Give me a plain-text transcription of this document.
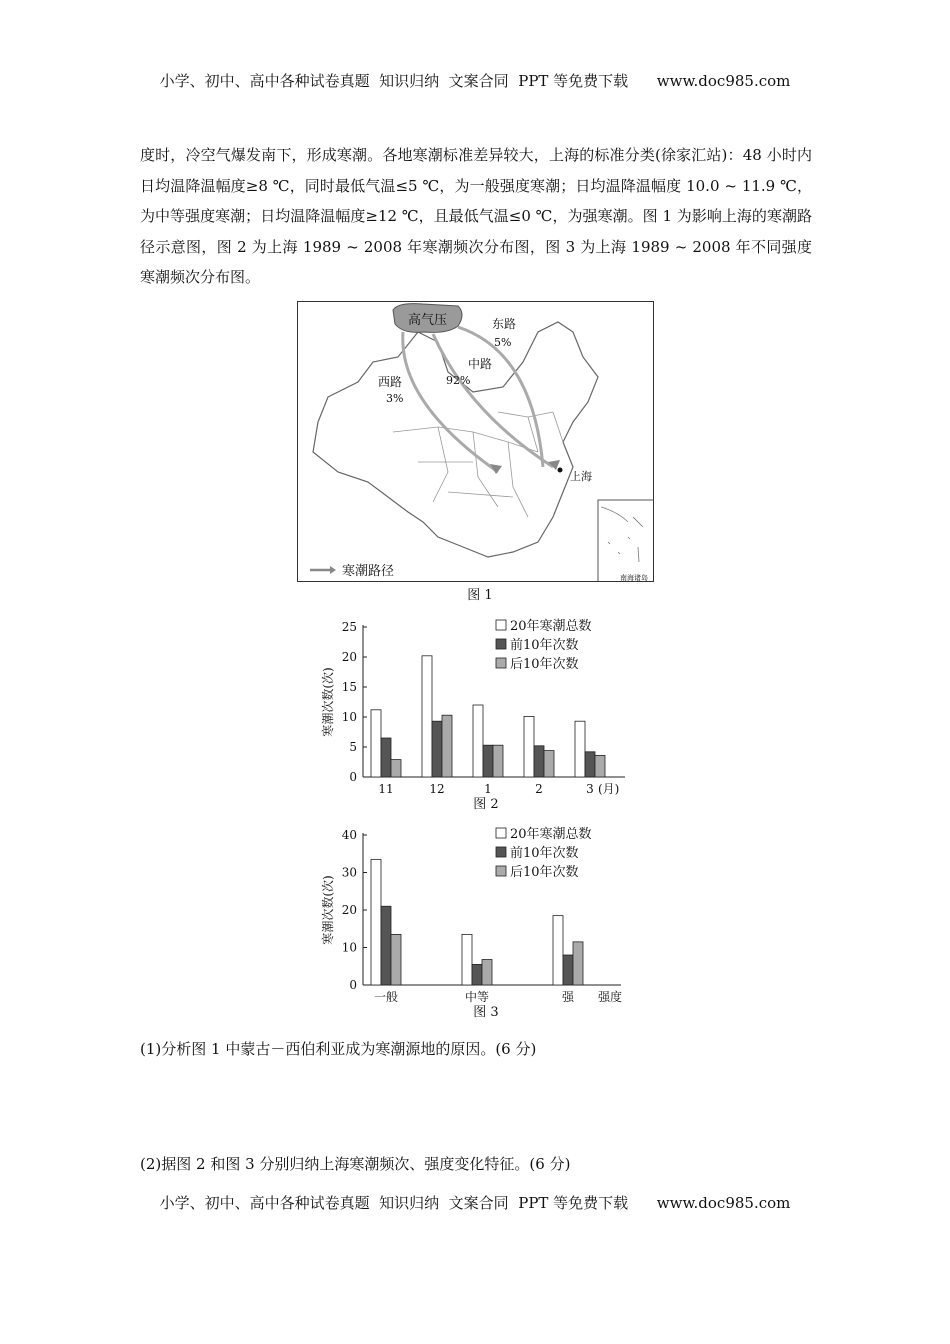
小学、初中、高中各种试卷真题  知识归纳  文案合同  PPT 等免费下载      www.doc985.com

度时，冷空气爆发南下，形成寒潮。各地寒潮标准差异较大，上海的标准分类(徐家汇站)：48 小时内日均温降温幅度≥8 ℃，同时最低气温≤5 ℃，为一般强度寒潮；日均温降温幅度 10.0 ~ 11.9 ℃，为中等强度寒潮；日均温降温幅度≥12 ℃，且最低气温≤0 ℃，为强寒潮。图 1 为影响上海的寒潮路径示意图，图 2 为上海 1989 ~ 2008 年寒潮频次分布图，图 3 为上海 1989 ~ 2008 年不同强度寒潮频次分布图。

高气压	东路
5%
中路
92%
西路
3%
上海
寒潮路径	南海诸岛
图 1
0
5
10
15
20
25
寒潮次数(次)
11	12	1	2	3 (月)
20年寒潮总数
前10年次数
后10年次数
图 2
0
10
20
30
40
寒潮次数(次)
一般	中等	强 强度
20年寒潮总数
前10年次数
后10年次数
图 3
(1)分析图 1 中蒙古－西伯利亚成为寒潮源地的原因。(6 分)
(2)据图 2 和图 3 分别归纳上海寒潮频次、强度变化特征。(6 分)
小学、初中、高中各种试卷真题  知识归纳  文案合同  PPT 等免费下载      www.doc985.com
